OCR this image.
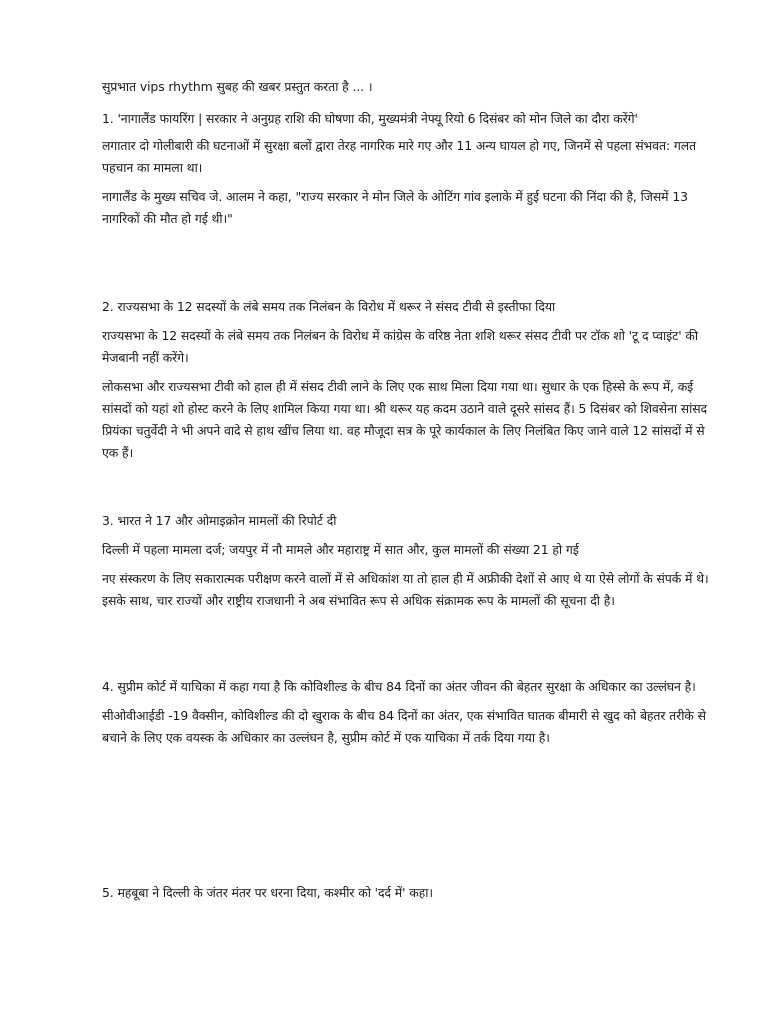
सुप्रभात vips rhythm सुबह की खबर प्रस्तुत करता है ... ।

1. 'नागालैंड फायरिंग | सरकार ने अनुग्रह राशि की घोषणा की, मुख्यमंत्री नेफ्यू रियो 6 दिसंबर को मोन जिले का दौरा करेंगे'

लगातार दो गोलीबारी की घटनाओं में सुरक्षा बलों द्वारा तेरह नागरिक मारे गए और 11 अन्य घायल हो गए, जिनमें से पहला संभवत: गलत पहचान का मामला था।

नागालैंड के मुख्य सचिव जे. आलम ने कहा, "राज्य सरकार ने मोन जिले के ओटिंग गांव इलाके में हुई घटना की निंदा की है, जिसमें 13 नागरिकों की मौत हो गई थी।"

2. राज्यसभा के 12 सदस्यों के लंबे समय तक निलंबन के विरोध में थरूर ने संसद टीवी से इस्तीफा दिया

राज्यसभा के 12 सदस्यों के लंबे समय तक निलंबन के विरोध में कांग्रेस के वरिष्ठ नेता शशि थरूर संसद टीवी पर टॉक शो 'टू द प्वाइंट' की मेजबानी नहीं करेंगे।

लोकसभा और राज्यसभा टीवी को हाल ही में संसद टीवी लाने के लिए एक साथ मिला दिया गया था। सुधार के एक हिस्से के रूप में, कई सांसदों को यहां शो होस्ट करने के लिए शामिल किया गया था। श्री थरूर यह कदम उठाने वाले दूसरे सांसद हैं। 5 दिसंबर को शिवसेना सांसद प्रियंका चतुर्वेदी ने भी अपने वादे से हाथ खींच लिया था. वह मौजूदा सत्र के पूरे कार्यकाल के लिए निलंबित किए जाने वाले 12 सांसदों में से एक हैं।

3. भारत ने 17 और ओमाइक्रोन मामलों की रिपोर्ट दी

दिल्ली में पहला मामला दर्ज; जयपुर में नौ मामले और महाराष्ट्र में सात और, कुल मामलों की संख्या 21 हो गई

नए संस्करण के लिए सकारात्मक परीक्षण करने वालों में से अधिकांश या तो हाल ही में अफ्रीकी देशों से आए थे या ऐसे लोगों के संपर्क में थे। इसके साथ, चार राज्यों और राष्ट्रीय राजधानी ने अब संभावित रूप से अधिक संक्रामक रूप के मामलों की सूचना दी है।

4. सुप्रीम कोर्ट में याचिका में कहा गया है कि कोविशील्ड के बीच 84 दिनों का अंतर जीवन की बेहतर सुरक्षा के अधिकार का उल्लंघन है।

सीओवीआईडी -19 वैक्सीन, कोविशील्ड की दो खुराक के बीच 84 दिनों का अंतर, एक संभावित घातक बीमारी से खुद को बेहतर तरीके से बचाने के लिए एक वयस्क के अधिकार का उल्लंघन है, सुप्रीम कोर्ट में एक याचिका में तर्क दिया गया है।

5. महबूबा ने दिल्ली के जंतर मंतर पर धरना दिया, कश्मीर को 'दर्द में' कहा।
